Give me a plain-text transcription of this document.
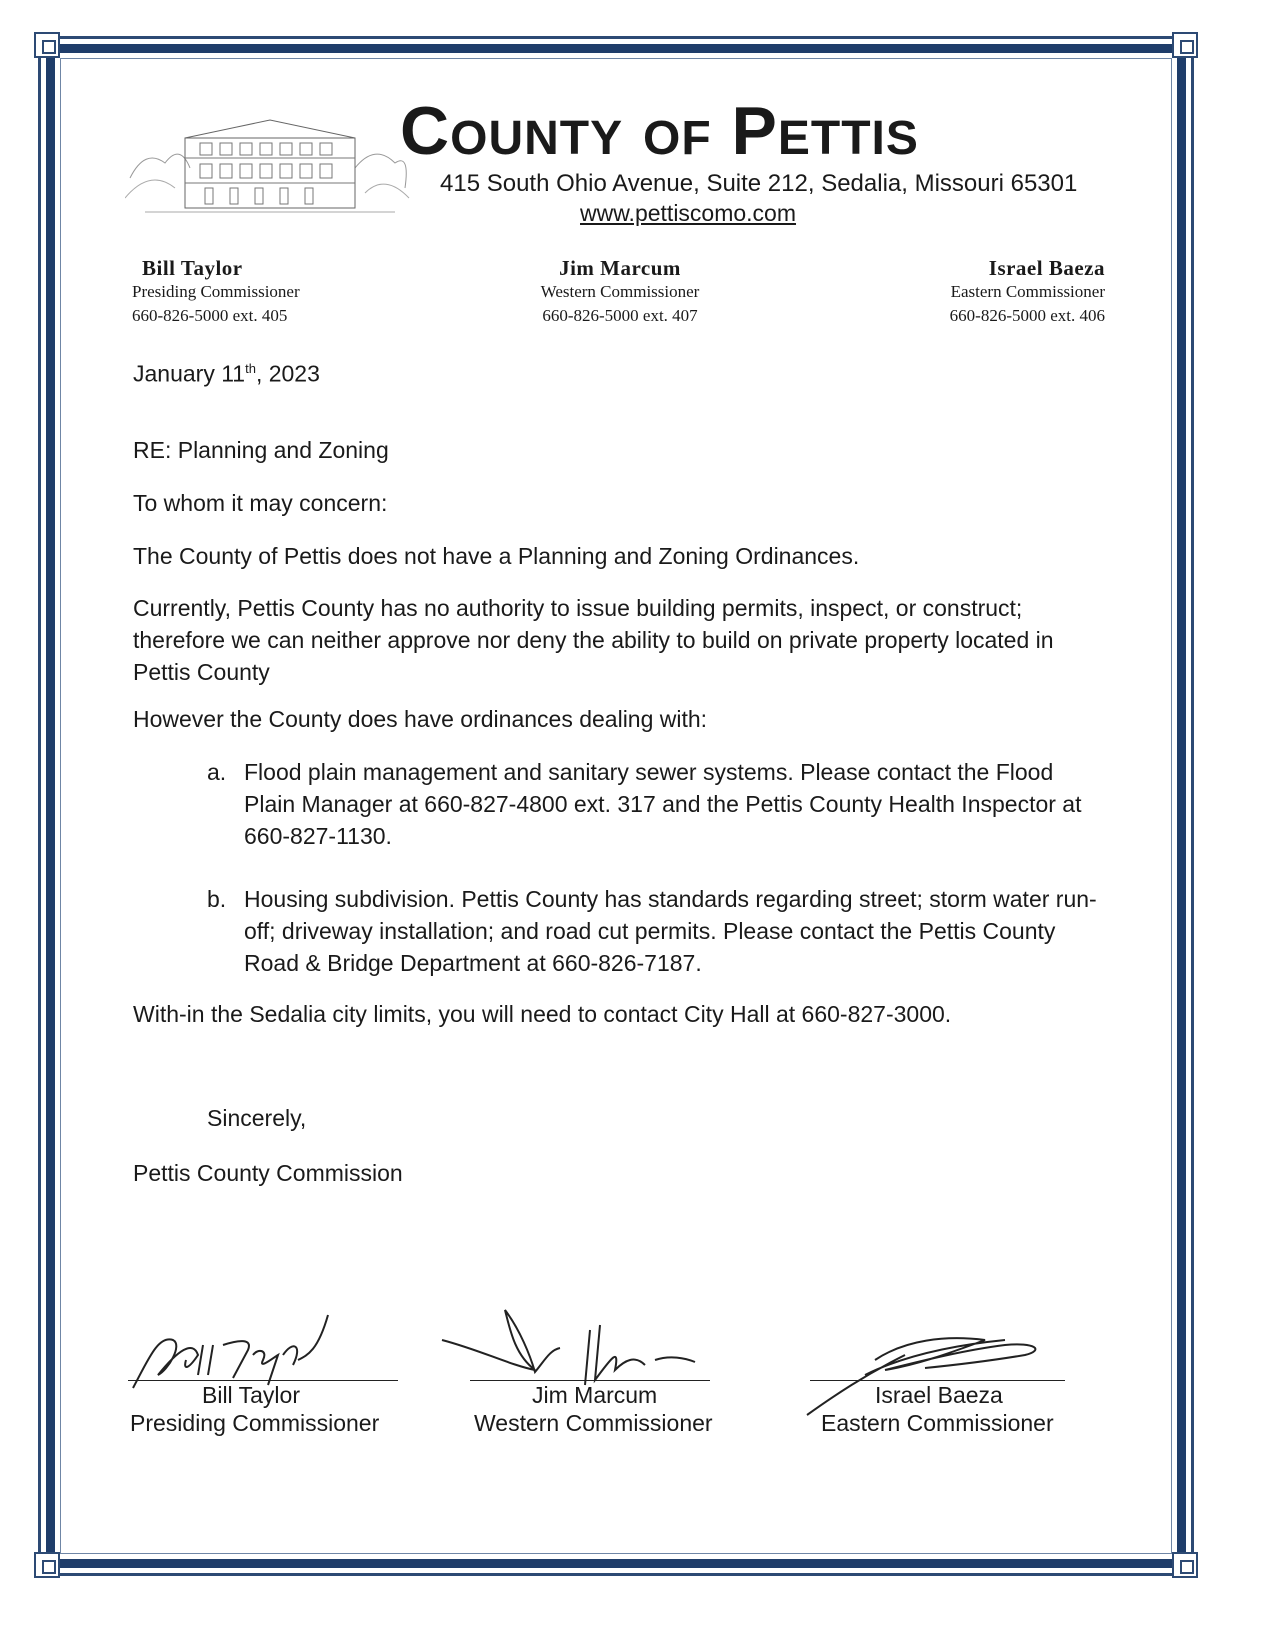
County of Pettis
415 South Ohio Avenue, Suite 212, Sedalia, Missouri 65301
www.pettiscomo.com
Bill Taylor
Presiding Commissioner
660-826-5000 ext. 405
Jim Marcum
Western Commissioner
660-826-5000 ext. 407
Israel Baeza
Eastern Commissioner
660-826-5000 ext. 406
January 11th, 2023
RE: Planning and Zoning
To whom it may concern:
The County of Pettis does not have a Planning and Zoning Ordinances.
Currently, Pettis County has no authority to issue building permits, inspect, or construct; therefore we can neither approve nor deny the ability to build on private property located in Pettis County
However the County does have ordinances dealing with:
a. Flood plain management and sanitary sewer systems. Please contact the Flood Plain Manager at 660-827-4800 ext. 317 and the Pettis County Health Inspector at 660-827-1130.
b. Housing subdivision. Pettis County has standards regarding street; storm water run-off; driveway installation; and road cut permits. Please contact the Pettis County Road & Bridge Department at 660-826-7187.
With-in the Sedalia city limits, you will need to contact City Hall at 660-827-3000.
Sincerely,
Pettis County Commission
Bill Taylor
Presiding Commissioner
Jim Marcum
Western Commissioner
Israel Baeza
Eastern Commissioner
